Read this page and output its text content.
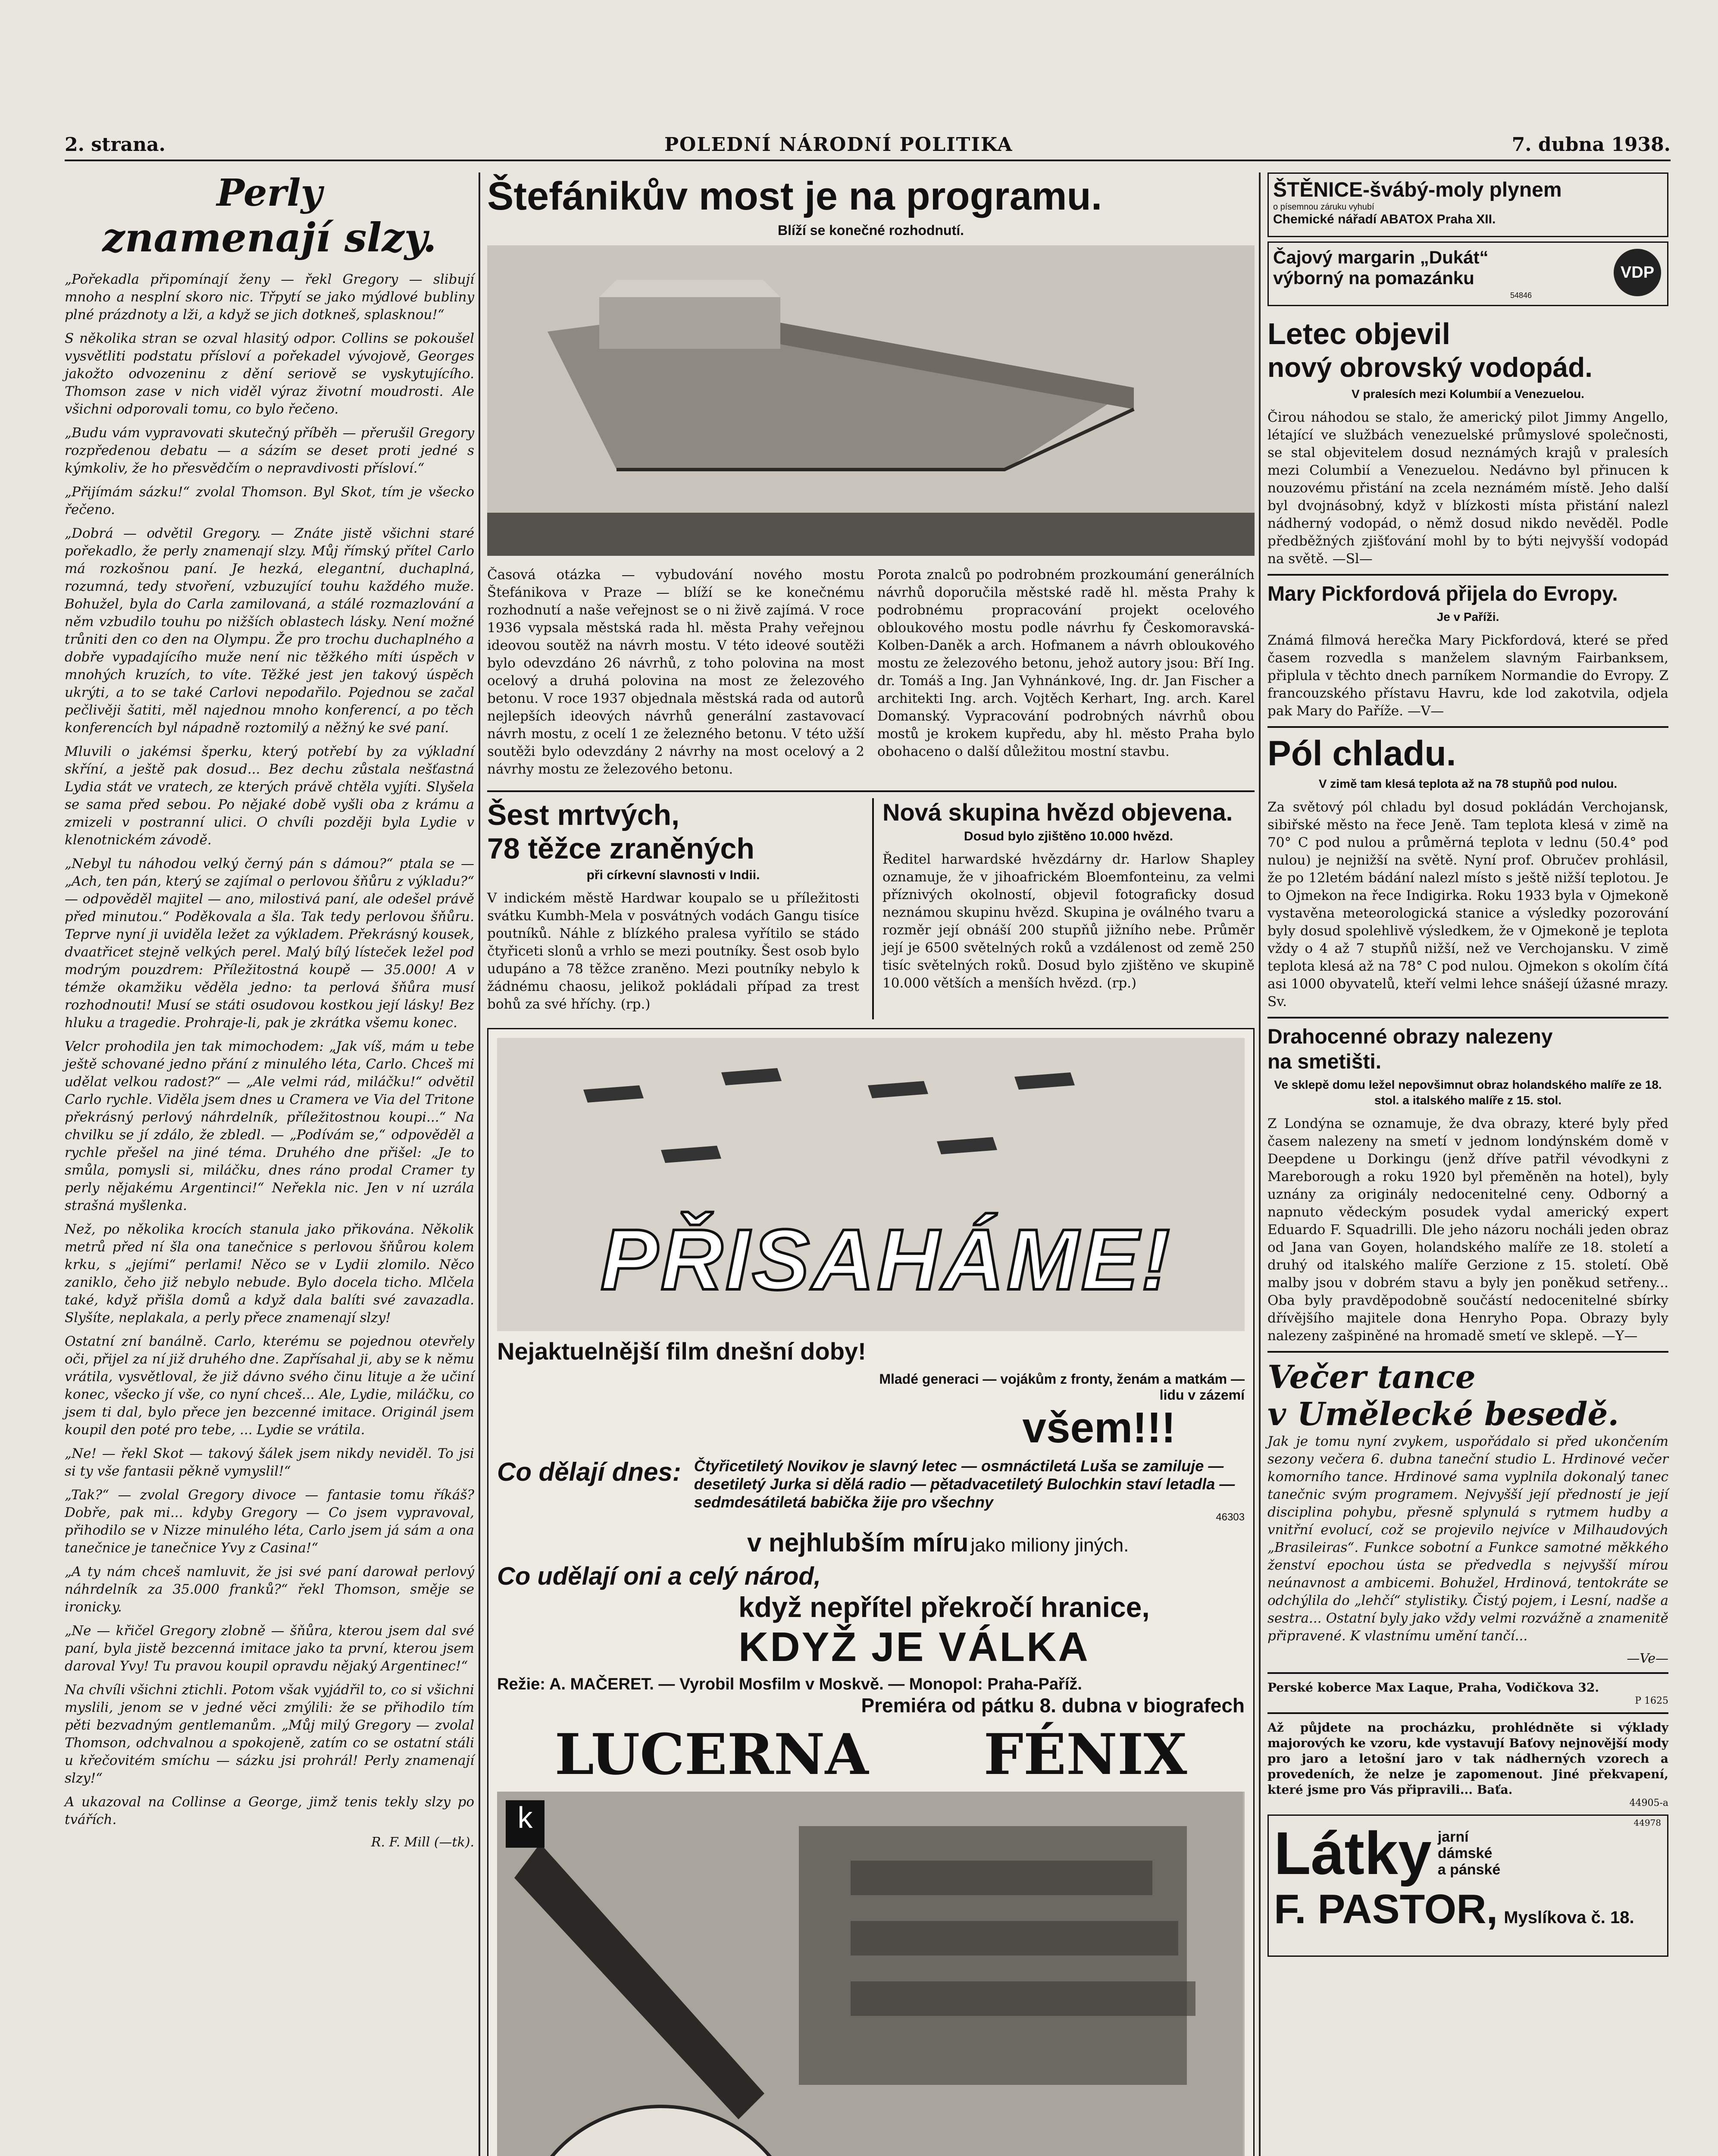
2. strana.	POLEDNÍ NÁRODNÍ POLITIKA	7. dubna 1938.
Perly
znamenají slzy.

„Pořekadla připomínají ženy — řekl Gregory — slibují mnoho a nesplní skoro nic. Třpytí se jako mýdlové bubliny plné prázdnoty a lži, a když se jich dotkneš, splasknou!“

S několika stran se ozval hlasitý odpor. Collins se pokoušel vysvětliti podstatu přísloví a pořekadel vývojově, Georges jakožto odvozeninu z dění seriově se vyskytujícího. Thomson zase v nich viděl výraz životní moudrosti. Ale všichni odporovali tomu, co bylo řečeno.

„Budu vám vypravovati skutečný příběh — přerušil Gregory rozpředenou debatu — a sázím se deset proti jedné s kýmkoliv, že ho přesvědčím o nepravdivosti přísloví.“

„Přijímám sázku!“ zvolal Thomson. Byl Skot, tím je všecko řečeno.

„Dobrá — odvětil Gregory. — Znáte jistě všichni staré pořekadlo, že perly znamenají slzy. Můj římský přítel Carlo má rozkošnou paní. Je hezká, elegantní, duchaplná, rozumná, tedy stvoření, vzbuzující touhu každého muže. Bohužel, byla do Carla zamilovaná, a stálé rozmazlování a něm vzbudilo touhu po nižších oblastech lásky. Není možné trůniti den co den na Olympu. Že pro trochu duchaplného a dobře vypadajícího muže není nic těžkého míti úspěch v mnohých kruzích, to víte. Těžké jest jen takový úspěch ukrýti, a to se také Carlovi nepodařilo. Pojednou se začal pečlivěji šatiti, měl najednou mnoho konferencí, a po těch konferencích byl nápadně roztomilý a něžný ke své paní.

Mluvili o jakémsi šperku, který potřebí by za výkladní skříní, a ještě pak dosud... Bez dechu zůstala nešťastná Lydia stát ve vratech, ze kterých právě chtěla vyjíti. Slyšela se sama před sebou. Po nějaké době vyšli oba z krámu a zmizeli v postranní ulici. O chvíli později byla Lydie v klenotnickém závodě.

„Nebyl tu náhodou velký černý pán s dámou?“ ptala se — „Ach, ten pán, který se zajímal o perlovou šňůru z výkladu?“ — odpověděl majitel — ano, milostivá paní, ale odešel právě před minutou.“ Poděkovala a šla. Tak tedy perlovou šňůru. Teprve nyní ji uviděla ležet za výkladem. Překrásný kousek, dvaatřicet stejně velkých perel. Malý bílý lísteček ležel pod modrým pouzdrem: Příležitostná koupě — 35.000! A v témže okamžiku věděla jedno: ta perlová šňůra musí rozhodnouti! Musí se státi osudovou kostkou její lásky! Bez hluku a tragedie. Prohraje-li, pak je zkrátka všemu konec.

Velcr prohodila jen tak mimochodem: „Jak víš, mám u tebe ještě schované jedno přání z minulého léta, Carlo. Chceš mi udělat velkou radost?“ — „Ale velmi rád, miláčku!“ odvětil Carlo rychle. Viděla jsem dnes u Cramera ve Via del Tritone překrásný perlový náhrdelník, příležitostnou koupi...“ Na chvilku se jí zdálo, že zbledl. — „Podívám se,“ odpověděl a rychle přešel na jiné téma. Druhého dne přišel: „Je to smůla, pomysli si, miláčku, dnes ráno prodal Cramer ty perly nějakému Argentinci!“ Neřekla nic. Jen v ní uzrála strašná myšlenka.

Než, po několika krocích stanula jako přikována. Několik metrů před ní šla ona tanečnice s perlovou šňůrou kolem krku, s „jejími“ perlami! Něco se v Lydii zlomilo. Něco zaniklo, čeho již nebylo nebude. Bylo docela ticho. Mlčela také, když přišla domů a když dala balíti své zavazadla. Slyšíte, neplakala, a perly přece znamenají slzy!

Ostatní zní banálně. Carlo, kterému se pojednou otevřely oči, přijel za ní již druhého dne. Zapřísahal ji, aby se k němu vrátila, vysvětloval, že již dávno svého činu lituje a že učiní konec, všecko jí vše, co nyní chceš... Ale, Lydie, miláčku, co jsem ti dal, bylo přece jen bezcenné imitace. Originál jsem koupil den poté pro tebe, ... Lydie se vrátila.

„Ne! — řekl Skot — takový šálek jsem nikdy neviděl. To jsi si ty vše fantasii pěkně vymyslil!“

„Tak?“ — zvolal Gregory divoce — fantasie tomu říkáš? Dobře, pak mi... kdyby Gregory — Co jsem vypravoval, přihodilo se v Nizze minulého léta, Carlo jsem já sám a ona tanečnice je tanečnice Yvy z Casina!“

„A ty nám chceš namluvit, že jsi své paní darował perlový náhrdelník za 35.000 franků?“ řekl Thomson, směje se ironicky.

„Ne — křičel Gregory zlobně — šňůra, kterou jsem dal své paní, byla jistě bezcenná imitace jako ta první, kterou jsem daroval Yvy! Tu pravou koupil opravdu nějaký Argentinec!“

Na chvíli všichni ztichli. Potom však vyjádřil to, co si všichni myslili, jenom se v jedné věci zmýlili: že se přihodilo tím pěti bezvadným gentlemanům. „Můj milý Gregory — zvolal Thomson, odchvalnou a spokojeně, zatím co se ostatní stáli u křečovitém smíchu — sázku jsi prohrál! Perly znamenají slzy!“

A ukazoval na Collinse a George, jimž tenis tekly slzy po tvářích.

R. F. Mill (—tk).
Štefánikův most je na programu.
Blíží se konečné rozhodnutí.

Časová otázka — vybudování nového mostu Štefánikova v Praze — blíží se ke konečnému rozhodnutí a naše veřejnost se o ni živě zajímá. V roce 1936 vypsala městská rada hl. města Prahy veřejnou ideovou soutěž na návrh mostu. V této ideové soutěži bylo odevzdáno 26 návrhů, z toho polovina na most ocelový a druhá polovina na most ze železového betonu. V roce 1937 objednala městská rada od autorů nejlepších ideových návrhů generální zastavovací návrh mostu, z ocelí 1 ze železného betonu. V této užší soutěži bylo odevzdány 2 návrhy na most ocelový a 2 návrhy mostu ze železového betonu.

Porota znalců po podrobném prozkoumání generálních návrhů doporučila městské radě hl. města Prahy k podrobnému propracování projekt ocelového obloukového mostu podle návrhu fy Českomoravská-Kolben-Daněk a arch. Hofmanem a návrh obloukového mostu ze železového betonu, jehož autory jsou: Bří Ing. dr. Tomáš a Ing. Jan Vyhnánkové, Ing. dr. Jan Fischer a architekti Ing. arch. Vojtěch Kerhart, Ing. arch. Karel Domanský. Vypracování podrobných návrhů obou mostů je krokem kupředu, aby hl. město Praha bylo obohaceno o další důležitou mostní stavbu.

Šest mrtvých,
78 těžce zraněných
při církevní slavnosti v Indii.

V indickém městě Hardwar koupalo se u příležitosti svátku Kumbh-Mela v posvátných vodách Gangu tisíce poutníků. Náhle z blízkého pralesa vyřítilo se stádo čtyřiceti slonů a vrhlo se mezi poutníky. Šest osob bylo udupáno a 78 těžce zraněno. Mezi poutníky nebylo k žádnému chaosu, jelikož pokládali případ za trest bohů za své hříchy. (rp.)

Nová skupina hvězd objevena.
Dosud bylo zjištěno 10.000 hvězd.

Ředitel harwardské hvězdárny dr. Harlow Shapley oznamuje, že v jihoafrickém Bloemfonteinu, za velmi příznivých okolností, objevil fotograficky dosud neznámou skupinu hvězd. Skupina je oválného tvaru a rozměr její obnáší 200 stupňů jižního nebe. Průměr její je 6500 světelných roků a vzdálenost od země 250 tisíc světelných roků. Dosud bylo zjištěno ve skupině 10.000 větších a menších hvězd. (rp.)

PŘISAHÁME!
Nejaktuelnější film dnešní doby!
Mladé generaci — vojákům z fronty, ženám a matkám — lidu v zázemí
všem!!!
Co dělají dnes: Čtyřicetiletý Novikov je slavný letec — osmnáctiletá Luša se zamiluje — desetiletý Jurka si dělá radio — pětadvacetiletý Bulochkin staví letadla — sedmdesátiletá babička žije pro všechny
46303
v nejhlubším míru jako miliony jiných.
Co udělají oni a celý národ,
když nepřítel překročí hranice,
KDYŽ JE VÁLKA
Režie: A. MAČERET. — Vyrobil Mosfilm v Moskvě. — Monopol: Praha-Paříž.
Premiéra od pátku 8. dubna v biografech
LUCERNA FÉNIX
k
ŠTĚNICE-švábý-moly plynem
o písemnou záruku vyhubí
Chemické nářadí ABATOX Praha XII.
Čajový margarin „Dukát“
výborný na pomazánku	VDP
54846
Letec objevil
nový obrovský vodopád.
V pralesích mezi Kolumbií a Venezuelou.

Čirou náhodou se stalo, že americký pilot Jimmy Angello, létající ve službách venezuelské průmyslové společnosti, se stal objevitelem dosud neznámých krajů v pralesích mezi Columbií a Venezuelou. Nedávno byl přinucen k nouzovému přistání na zcela neznámém místě. Jeho další byl dvojnásobný, když v blízkosti místa přistání nalezl nádherný vodopád, o němž dosud nikdo nevěděl. Podle předběžných zjišťování mohl by to býti nejvyšší vodopád na světě. —Sl—

Mary Pickfordová přijela do Evropy.
Je v Paříži.

Známá filmová herečka Mary Pickfordová, které se před časem rozvedla s manželem slavným Fairbanksem, připlula v těchto dnech parníkem Normandie do Evropy. Z francouzského přístavu Havru, kde lod zakotvila, odjela pak Mary do Paříže. —V—

Pól chladu.
V zimě tam klesá teplota až na 78 stupňů pod nulou.

Za světový pól chladu byl dosud pokládán Verchojansk, sibiřské město na řece Jeně. Tam teplota klesá v zimě na 70° C pod nulou a průměrná teplota v lednu (50.4° pod nulou) je nejnižší na světě. Nyní prof. Obručev prohlásil, že po 12letém bádání nalezl místo s ještě nižší teplotou. Je to Ojmekon na řece Indigirka. Roku 1933 byla v Ojmekoně vystavěna meteorologická stanice a výsledky pozorování byly dosud spolehlivě výsledkem, že v Ojmekoně je teplota vždy o 4 až 7 stupňů nižší, než ve Verchojansku. V zimě teplota klesá až na 78° C pod nulou. Ojmekon s okolím čítá asi 1000 obyvatelů, kteří velmi lehce snášejí úžasné mrazy. Sv.

Drahocenné obrazy nalezeny
na smetišti.
Ve sklepě domu ležel nepovšimnut obraz holandského malíře ze 18. stol. a italského malíře z 15. stol.

Z Londýna se oznamuje, že dva obrazy, které byly před časem nalezeny na smetí v jednom londýnském domě v Deepdene u Dorkingu (jenž dříve patřil vévodkyni z Mareborough a roku 1920 byl přeměněn na hotel), byly uznány za originály nedocenitelné ceny. Odborný a napnuto vědeckým posudek vydal americký expert Eduardo F. Squadrilli. Dle jeho názoru nocháli jeden obraz od Jana van Goyen, holandského malíře ze 18. století a druhý od italského malíře Gerzione z 15. století. Obě malby jsou v dobrém stavu a byly jen poněkud setřeny... Oba byly pravděpodobně součástí nedocenitelné sbírky dřívějšího majitele dona Henryho Popa. Obrazy byly nalezeny zašpiněné na hromadě smetí ve sklepě. —Y—

Večer tance
v Umělecké besedě.

Jak je tomu nyní zvykem, uspořádalo si před ukončením sezony večera 6. dubna taneční studio L. Hrdinové večer komorního tance. Hrdinové sama vyplnila dokonalý tanec tanečnic svým programem. Nejvyšší její předností je její disciplina pohybu, přesně splynulá s rytmem hudby a vnitřní evolucí, což se projevilo nejvíce v Milhaudových „Brasileiras“. Funkce sobotní a Funkce samotné měkkého ženství epochou ústa se předvedla s nejvyšší mírou neúnavnost a ambicemi. Bohužel, Hrdinová, tentokráte se odchýlila do „lehčí“ stylistiky. Čistý pojem, i Lesní, nadše a sestra... Ostatní byly jako vždy velmi rozvážně a znamenitě připravené. K vlastnímu umění tančí...

—Ve—

Perské koberce Max Laque, Praha, Vodičkova 32.

P 1625

Až půjdete na procházku, prohlédněte si výklady majorových ke vzoru, kde vystavují Baťovy nejnovější mody pro jaro a letošní jaro v tak nádherných vzorech a provedeních, že nelze je zapomenout. Jiné překvapení, které jsme pro Vás připravili... Baťa.

44905-a
44978
Látky jarní
dámské
a pánské
F. PASTOR, Myslíkova č. 18.
